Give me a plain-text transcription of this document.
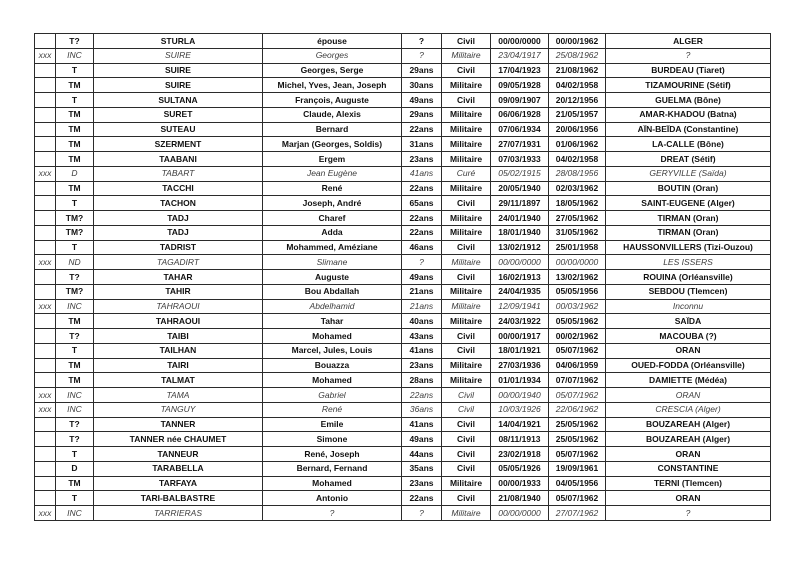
	T?	STURLA	épouse	?	Civil	00/00/0000	00/00/1962	ALGER
xxx	INC	SUIRE	Georges	?	Militaire	23/04/1917	25/08/1962	?
	T	SUIRE	Georges, Serge	29ans	Civil	17/04/1923	21/08/1962	BURDEAU (Tiaret)
	TM	SUIRE	Michel, Yves, Jean, Joseph	30ans	Militaire	09/05/1928	04/02/1958	TIZAMOURINE (Sétif)
	T	SULTANA	François, Auguste	49ans	Civil	09/09/1907	20/12/1956	GUELMA (Bône)
	TM	SURET	Claude, Alexis	29ans	Militaire	06/06/1928	21/05/1957	AMAR-KHADOU (Batna)
	TM	SUTEAU	Bernard	22ans	Militaire	07/06/1934	20/06/1956	AÏN-BEÏDA (Constantine)
	TM	SZERMENT	Marjan (Georges, Soldis)	31ans	Militaire	27/07/1931	01/06/1962	LA-CALLE (Bône)
	TM	TAABANI	Ergem	23ans	Militaire	07/03/1933	04/02/1958	DREAT (Sétif)
xxx	D	TABART	Jean Eugène	41ans	Curé	05/02/1915	28/08/1956	GERYVILLE (Saïda)
	TM	TACCHI	René	22ans	Militaire	20/05/1940	02/03/1962	BOUTIN (Oran)
	T	TACHON	Joseph, André	65ans	Civil	29/11/1897	18/05/1962	SAINT-EUGENE (Alger)
	TM?	TADJ	Charef	22ans	Militaire	24/01/1940	27/05/1962	TIRMAN (Oran)
	TM?	TADJ	Adda	22ans	Militaire	18/01/1940	31/05/1962	TIRMAN (Oran)
	T	TADRIST	Mohammed, Améziane	46ans	Civil	13/02/1912	25/01/1958	HAUSSONVILLERS (Tizi-Ouzou)
xxx	ND	TAGADIRT	Slimane	?	Militaire	00/00/0000	00/00/0000	LES ISSERS
	T?	TAHAR	Auguste	49ans	Civil	16/02/1913	13/02/1962	ROUINA (Orléansville)
	TM?	TAHIR	Bou Abdallah	21ans	Militaire	24/04/1935	05/05/1956	SEBDOU (Tlemcen)
xxx	INC	TAHRAOUI	Abdelhamid	21ans	Militaire	12/09/1941	00/03/1962	Inconnu
	TM	TAHRAOUI	Tahar	40ans	Militaire	24/03/1922	05/05/1962	SAÏDA
	T?	TAIBI	Mohamed	43ans	Civil	00/00/1917	00/02/1962	MACOUBA (?)
	T	TAILHAN	Marcel, Jules, Louis	41ans	Civil	18/01/1921	05/07/1962	ORAN
	TM	TAIRI	Bouazza	23ans	Militaire	27/03/1936	04/06/1959	OUED-FODDA (Orléansville)
	TM	TALMAT	Mohamed	28ans	Militaire	01/01/1934	07/07/1962	DAMIETTE (Médéa)
xxx	INC	TAMA	Gabriel	22ans	Civil	00/00/1940	05/07/1962	ORAN
xxx	INC	TANGUY	René	36ans	Civil	10/03/1926	22/06/1962	CRESCIA (Alger)
	T?	TANNER	Emile	41ans	Civil	14/04/1921	25/05/1962	BOUZAREAH (Alger)
	T?	TANNER née CHAUMET	Simone	49ans	Civil	08/11/1913	25/05/1962	BOUZAREAH (Alger)
	T	TANNEUR	René, Joseph	44ans	Civil	23/02/1918	05/07/1962	ORAN
	D	TARABELLA	Bernard, Fernand	35ans	Civil	05/05/1926	19/09/1961	CONSTANTINE
	TM	TARFAYA	Mohamed	23ans	Militaire	00/00/1933	04/05/1956	TERNI (Tlemcen)
	T	TARI-BALBASTRE	Antonio	22ans	Civil	21/08/1940	05/07/1962	ORAN
xxx	INC	TARRIERAS	?	?	Militaire	00/00/0000	27/07/1962	?
